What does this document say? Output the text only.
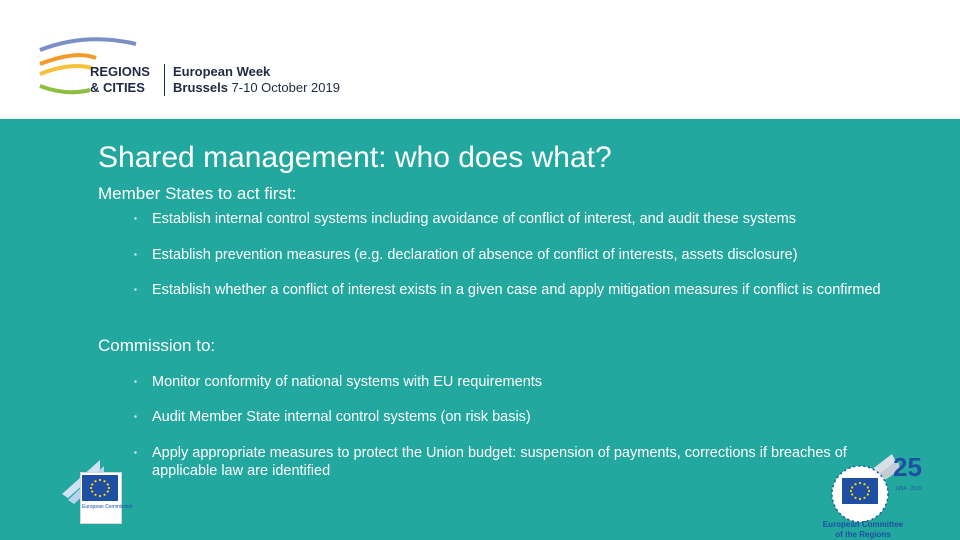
REGIONS
& CITIES
European Week
Brussels 7-10 October 2019
Shared management: who does what?
Member States to act first:
▪	Establish internal control systems including avoidance of conflict of interest, and audit these systems
▪	Establish prevention measures (e.g. declaration of absence of conflict of interests, assets disclosure)
▪	Establish whether a conflict of interest exists in a given case and apply mitigation measures if conflict is confirmed
Commission to:
▪	Monitor conformity of national systems with EU requirements
▪	Audit Member State internal control systems (on risk basis)
▪	Apply appropriate measures to protect the Union budget: suspension of payments, corrections if breaches of applicable law are identified
European Commission
25
1994 - 2019
European Committee
of the Regions
